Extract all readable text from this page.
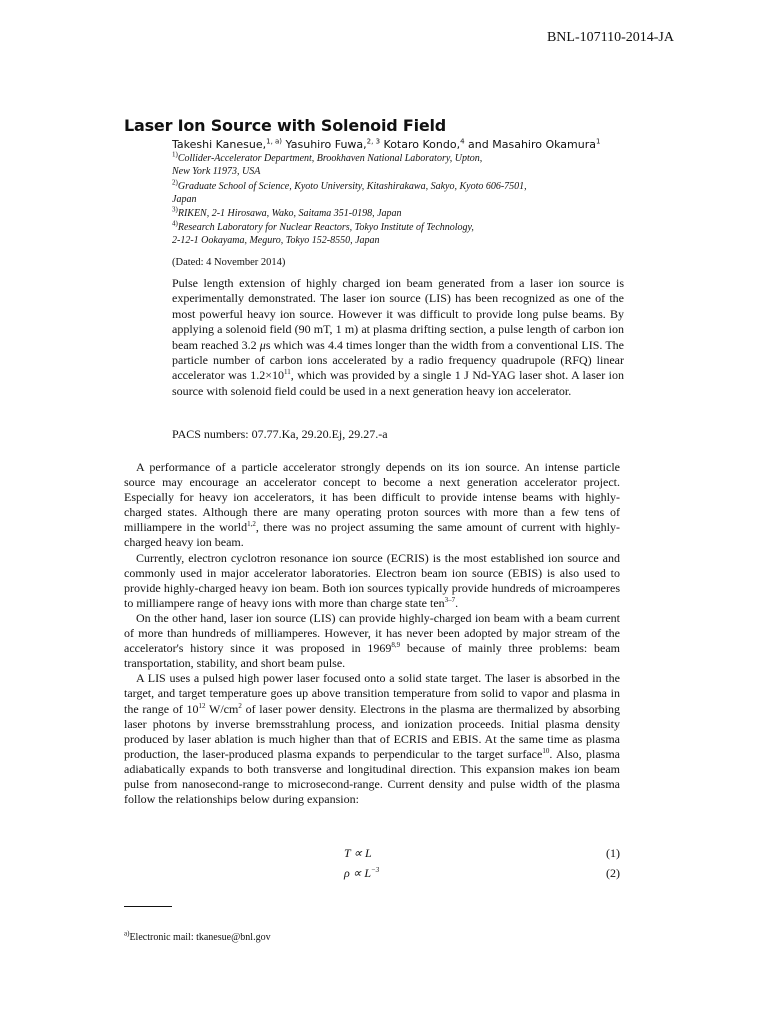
BNL-107110-2014-JA
Laser Ion Source with Solenoid Field
Takeshi Kanesue,$^{1, a)}$ Yasuhiro Fuwa,$^{2, 3}$ Kotaro Kondo,$^4$ and Masahiro Okamura$^1$
$^{1)}$Collider-Accelerator Department, Brookhaven National Laboratory, Upton,
New York 11973, USA
$^{2)}$Graduate School of Science, Kyoto University, Kitashirakawa, Sakyo, Kyoto 606-7501,
Japan
$^{3)}$RIKEN, 2-1 Hirosawa, Wako, Saitama 351-0198, Japan
$^{4)}$Research Laboratory for Nuclear Reactors, Tokyo Institute of Technology,
2-12-1 Ookayama, Meguro, Tokyo 152-8550, Japan
(Dated: 4 November 2014)
Pulse length extension of highly charged ion beam generated from a laser ion source is experimentally demonstrated. The laser ion source (LIS) has been recognized as one of the most powerful heavy ion source. However it was difficult to provide long pulse beams. By applying a solenoid field (90 mT, 1 m) at plasma drifting section, a pulse length of carbon ion beam reached 3.2 μs which was 4.4 times longer than the width from a conventional LIS. The particle number of carbon ions accelerated by a radio frequency quadrupole (RFQ) linear accelerator was $1.2\times 10^{11}$, which was provided by a single 1 J Nd-YAG laser shot. A laser ion source with solenoid field could be used in a next generation heavy ion accelerator.
PACS numbers: 07.77.Ka, 29.20.Ej, 29.27.-a

A performance of a particle accelerator strongly depends on its ion source. An intense particle source may encourage an accelerator concept to become a next generation accelerator project. Especially for heavy ion accelerators, it has been difficult to provide intense beams with highly-charged states. Although there are many operating proton sources with more than a few tens of milliampere in the world$^{1,2}$, there was no project assuming the same amount of current with highly-charged heavy ion beam.

Currently, electron cyclotron resonance ion source (ECRIS) is the most established ion source and commonly used in major accelerator laboratories. Electron beam ion source (EBIS) is also used to provide highly-charged heavy ion beam. Both ion sources typically provide hundreds of microamperes to milliampere range of heavy ions with more than charge state ten$^{3-7}$.

On the other hand, laser ion source (LIS) can provide highly-charged ion beam with a beam current of more than hundreds of milliamperes. However, it has never been adopted by major stream of the accelerator's history since it was proposed in 1969$^{8,9}$ because of mainly three problems: beam transportation, stability, and short beam pulse.

A LIS uses a pulsed high power laser focused onto a solid state target. The laser is absorbed in the target, and target temperature goes up above transition temperature from solid to vapor and plasma in the range of $10^{12}$ $W/cm^2$ of laser power density. Electrons in the plasma are thermalized by absorbing laser photons by inverse bremsstrahlung process, and ionization proceeds. Initial plasma density produced by laser ablation is much higher than that of ECRIS and EBIS. At the same time as plasma production, the laser-produced plasma expands to perpendicular to the target surface$^{10}$. Also, plasma adiabatically expands to both transverse and longitudinal direction. This expansion makes ion beam pulse from nanosecond-range to microsecond-range. Current density and pulse width of the plasma follow the relationships below during expansion:

T ∝ L	(1)
$\rho \propto L^{-3}$	(2)
$^{a)}$Electronic mail: tkanesue@bnl.gov
